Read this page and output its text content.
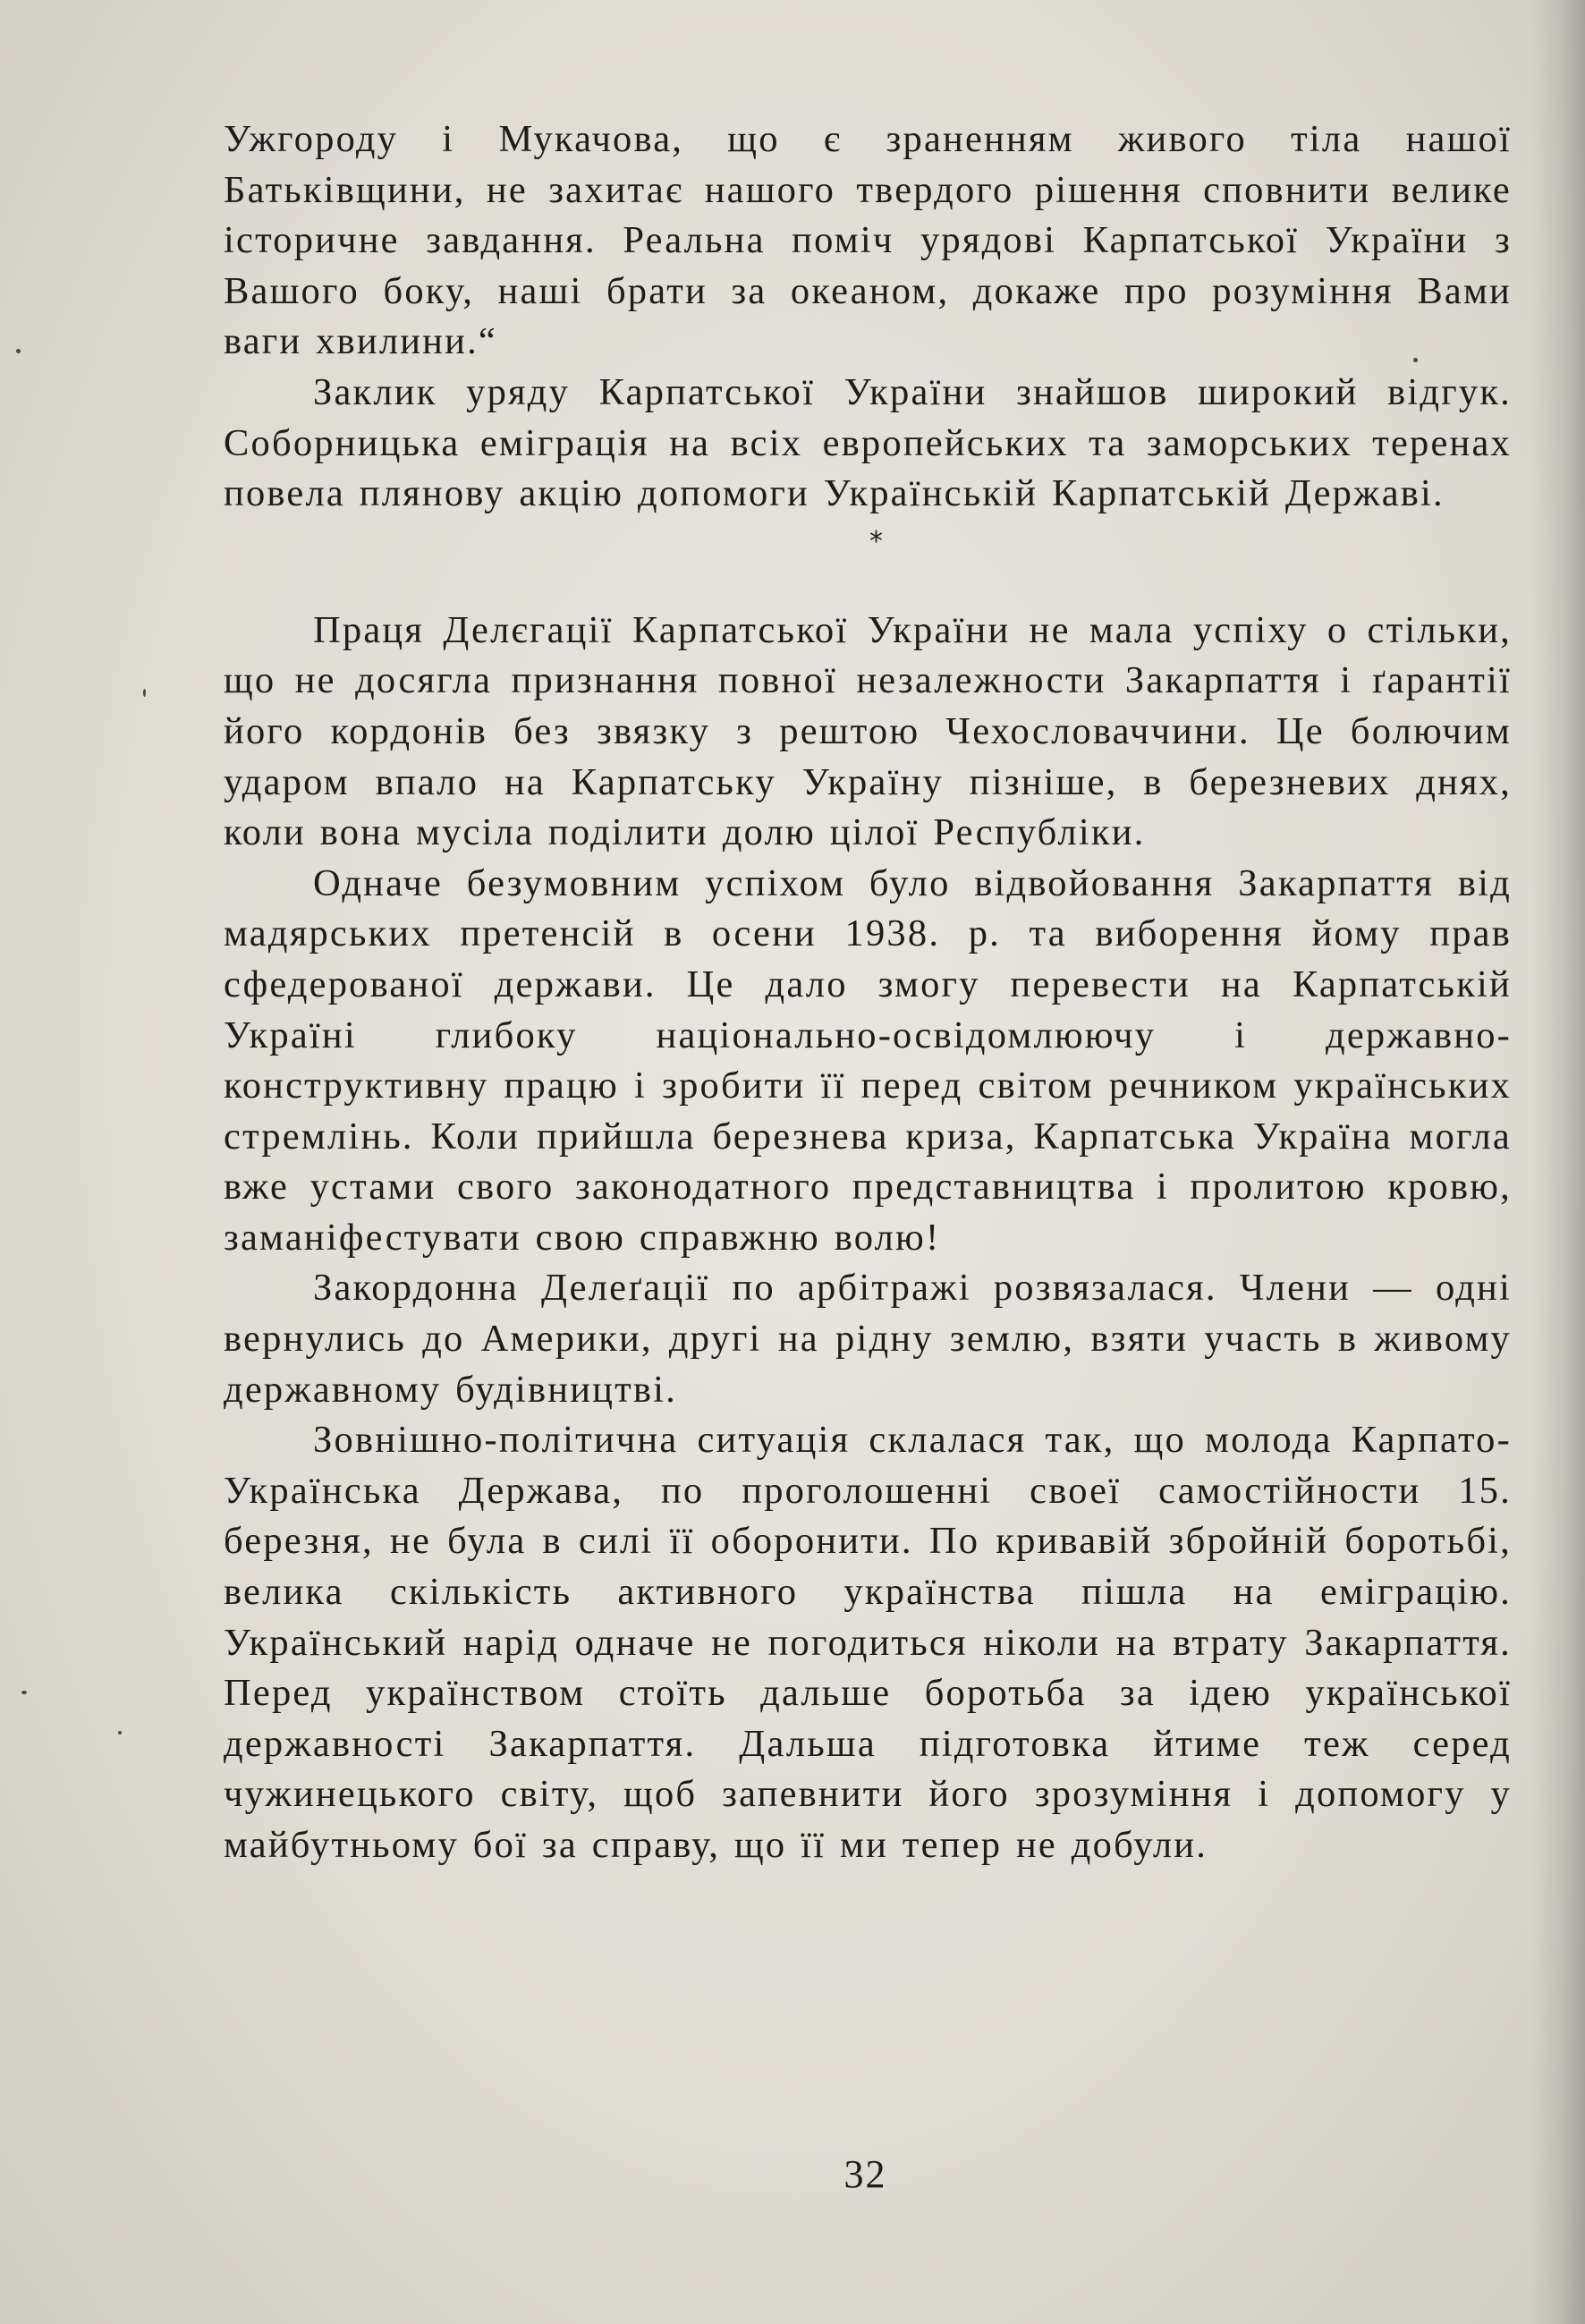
Ужгороду і Мукачова, що є зраненням живого тіла нашої Батьківщини, не захитає нашого твердого рішення сповнити велике історичне завдання. Реальна поміч урядові Карпатської України з Вашого боку, наші брати за океаном, докаже про розуміння Вами ваги хвилини.“

Заклик уряду Карпатської України знайшов широкий відгук. Соборницька еміграція на всіх европейських та заморських теренах повела плянову акцію допомоги Українській Карпатській Державі.

*

Праця Делєгації Карпатської України не мала успіху о стільки, що не досягла признання повної незалежности Закарпаття і ґарантії його кордонів без звязку з рештою Чехословаччини. Це болючим ударом впало на Карпатську Україну пізніше, в березневих днях, коли вона мусіла поділити долю цілої Республіки.

Одначе безумовним успіхом було відвойовання Закарпаття від мадярських претенсій в осени 1938. р. та виборення йому прав сфедерованої держави. Це дало змогу перевести на Карпатській Україні глибоку національно-освідомлюючу і державно-конструктивну працю і зробити її перед світом речником українських стремлінь. Коли прийшла березнева криза, Карпатська Україна могла вже устами свого законодатного представництва і пролитою кровю, заманіфестувати свою справжню волю!

Закордонна Делеґації по арбітражі розвязалася. Члени — одні вернулись до Америки, другі на рідну землю, взяти участь в живому державному будівництві.

Зовнішно-політична ситуація склалася так, що молода Карпато-Українська Держава, по проголошенні своеї самостійности 15. березня, не була в силі її оборонити. По кривавій збройній боротьбі, велика скількість активного українства пішла на еміграцію. Український нарід одначе не погодиться ніколи на втрату Закарпаття. Перед українством стоїть дальше боротьба за ідею української державності Закарпаття. Дальша підготовка йтиме теж серед чужинецького світу, щоб запевнити його зрозуміння і допомогу у майбутньому бої за справу, що її ми тепер не добули.

32
